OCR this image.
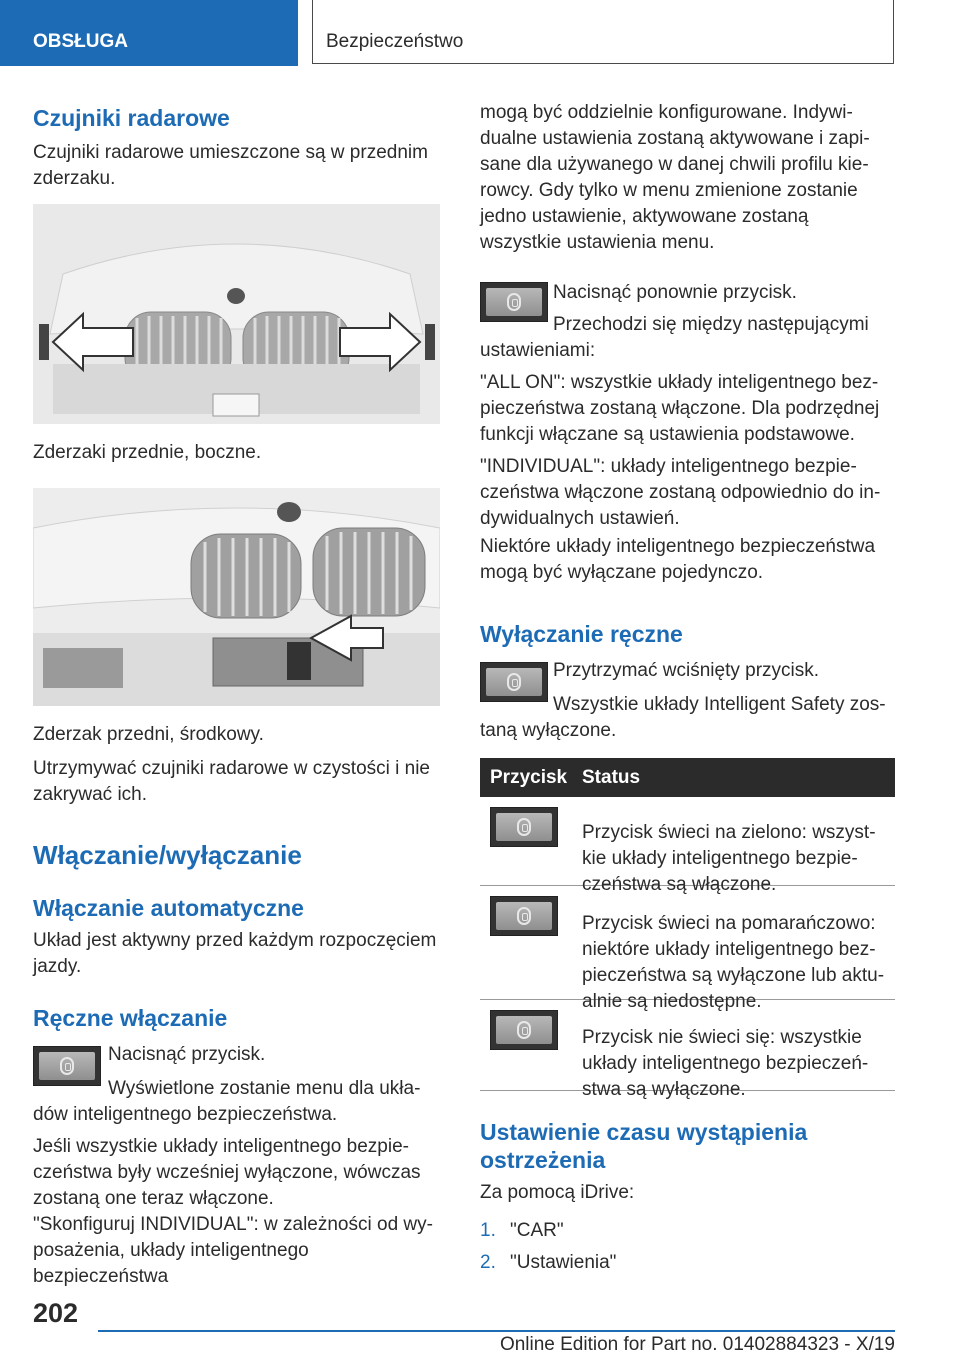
OBSŁUGA	Bezpieczeństwo
Czujniki radarowe

Czujniki radarowe umieszczone są w przednim zderzaku.

Zderzaki przednie, boczne.

Zderzak przedni, środkowy.

Utrzymywać czujniki radarowe w czystości i nie zakrywać ich.

Włączanie/wyłączanie
Włączanie automatyczne

Układ jest aktywny przed każdym rozpoczęciem jazdy.

Ręczne włączanie

Nacisnąć przycisk.

Wyświetlone zostanie menu dla ukła-

dów inteligentnego bezpieczeństwa.

Jeśli wszystkie układy inteligentnego bezpie-czeństwa były wcześniej wyłączone, wówczas zostaną one teraz włączone.

"Skonfiguruj INDIVIDUAL": w zależności od wy-posażenia, układy inteligentnego bezpieczeństwa

mogą być oddzielnie konfigurowane. Indywi-dualne ustawienia zostaną aktywowane i zapi-sane dla używanego w danej chwili profilu kie-rowcy. Gdy tylko w menu zmienione zostanie jedno ustawienie, aktywowane zostaną wszystkie ustawienia menu.

Nacisnąć ponownie przycisk.

Przechodzi się między następującymi

ustawieniami:

"ALL ON": wszystkie układy inteligentnego bez-pieczeństwa zostaną włączone. Dla podrzędnej funkcji włączane są ustawienia podstawowe.

"INDIVIDUAL": układy inteligentnego bezpie-czeństwa włączone zostaną odpowiednio do in-dywidualnych ustawień.

Niektóre układy inteligentnego bezpieczeństwa mogą być wyłączane pojedynczo.

Wyłączanie ręczne

Przytrzymać wciśnięty przycisk.

Wszystkie układy Intelligent Safety zos-

taną wyłączone.

Przycisk Status

Przycisk świeci na zielono: wszyst-kie układy inteligentnego bezpie-czeństwa są włączone.

Przycisk świeci na pomarańczowo: niektóre układy inteligentnego bez-pieczeństwa są wyłączone lub aktu-alnie są niedostępne.

Przycisk nie świeci się: wszystkie układy inteligentnego bezpieczeń-stwa są wyłączone.

Ustawienie czasu wystąpienia ostrzeżenia

Za pomocą iDrive:

1. "CAR"

2. "Ustawienia"

202
Online Edition for Part no. 01402884323 - X/19
